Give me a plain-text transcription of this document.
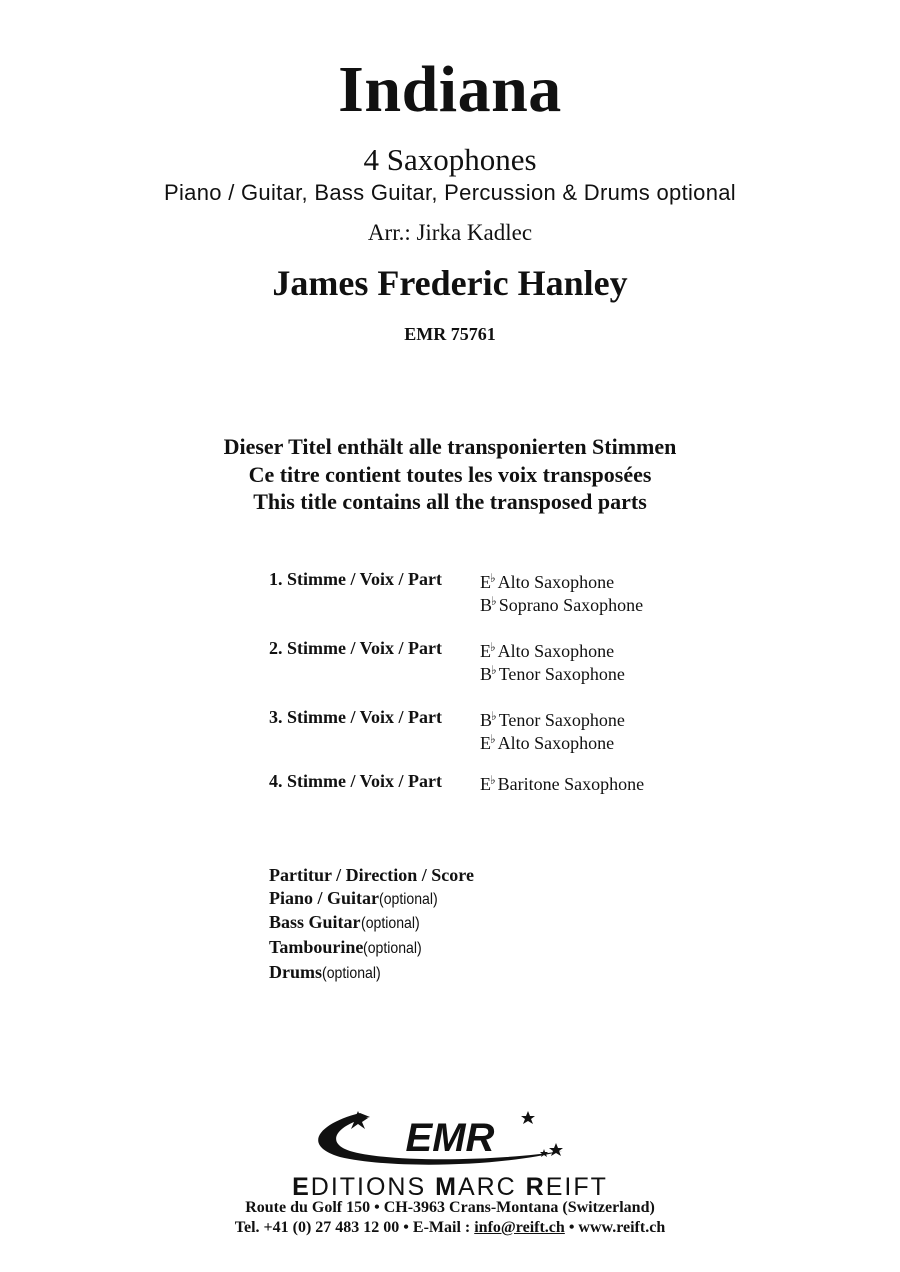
Indiana
4 Saxophones
Piano / Guitar, Bass Guitar, Percussion & Drums optional
Arr.: Jirka Kadlec
James Frederic Hanley
EMR 75761
Dieser Titel enthält alle transponierten Stimmen
Ce titre contient toutes les voix transposées
This title contains all the transposed parts
1. Stimme / Voix / Part	E♭ Alto Saxophone
B♭ Soprano Saxophone
2. Stimme / Voix / Part	E♭ Alto Saxophone
B♭ Tenor Saxophone
3. Stimme / Voix / Part	B♭ Tenor Saxophone
E♭ Alto Saxophone
4. Stimme / Voix / Part	E♭ Baritone Saxophone
Partitur / Direction / Score
Piano / Guitar(optional)
Bass Guitar(optional)
Tambourine(optional)
Drums(optional)
EMR
EDITIONS MARC REIFT
Route du Golf 150 • CH-3963 Crans-Montana (Switzerland)
Tel. +41 (0) 27 483 12 00 • E-Mail : info@reift.ch • www.reift.ch
